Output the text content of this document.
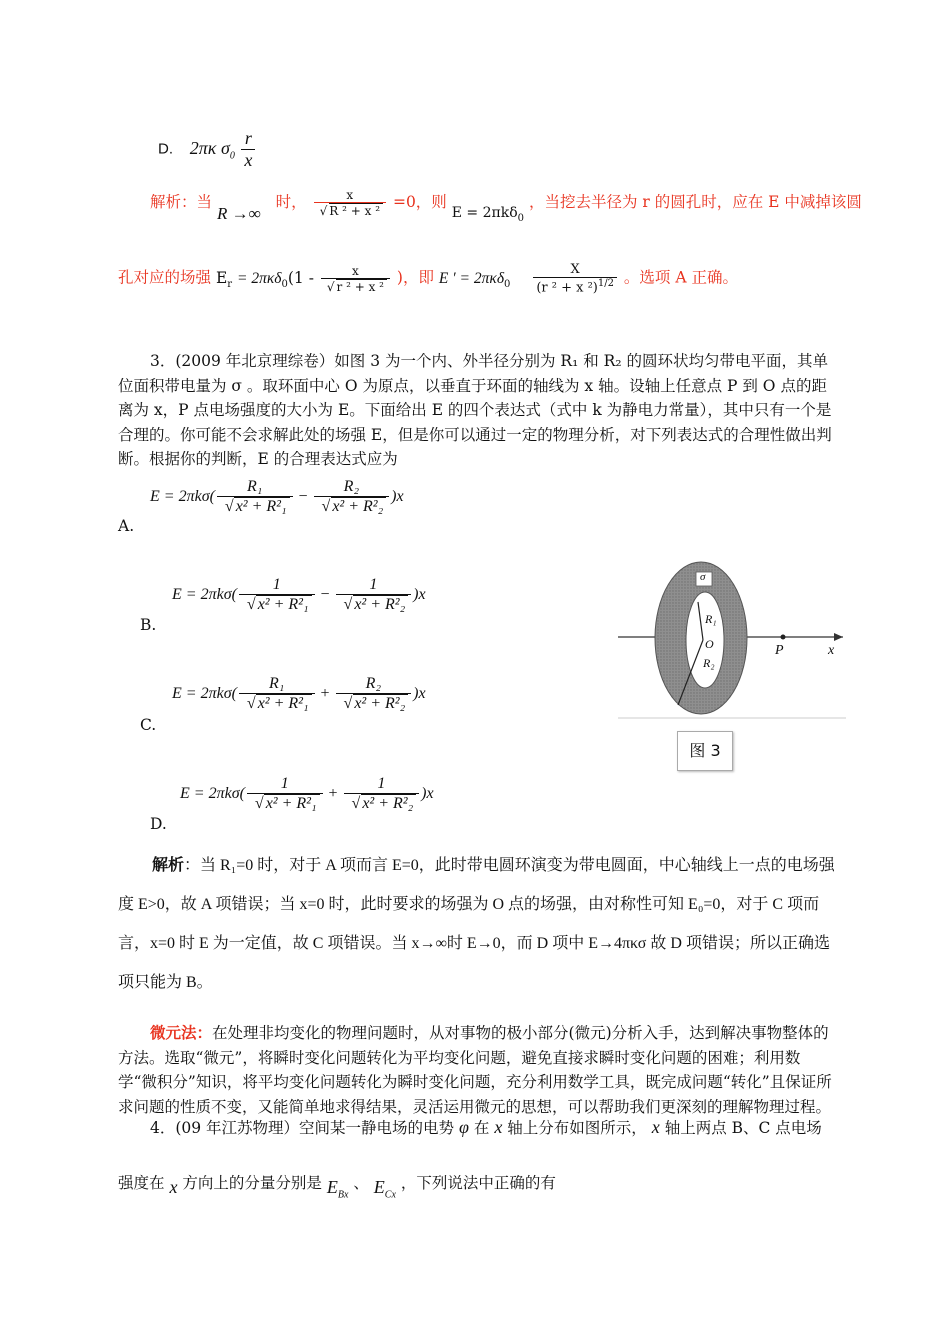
D. 2πκ $\sigma_0 \frac{r}{x}$
解析：当 R →∞ 时， x
√ R ² + x ² =0，则 E = 2πkδ$_0$ ，当挖去半径为 r 的圆孔时，应在 E 中减掉该圆
孔对应的场强 $E_r = 2\pi\kappa\delta_0(1 - x$
√ r ² + x ² )，即 E ′ = $2\pi\kappa\delta_0 \frac{X}{(r ^2 + x ^2)^{1/2}}$ 。选项 A 正确。
3．(2009 年北京理综卷）如图 3 为一个内、外半径分别为 R₁ 和 R₂ 的圆环状均匀带电平面，其单位面积带电量为 σ 。取环面中心 O 为原点，以垂直于环面的轴线为 x 轴。设轴上任意点 P 到 O 点的距离为 x，P 点电场强度的大小为 E。下面给出 E 的四个表达式（式中 k 为静电力常量），其中只有一个是合理的。你可能不会求解此处的场强 E，但是你可以通过一定的物理分析，对下列表达式的合理性做出判断。根据你的判断，E 的合理表达式应为
A.
E = 2πkσ( R₁
√ x² + R²₁ − R₂
√ x² + R²₂ )x
B.
E = 2πkσ( 1
√ x² + R²₁ − 1
√ x² + R²₂ )x
C.
E = 2πkσ( R₁
√ x² + R²₁ + R₂
√ x² + R²₂ )x
D.
E = 2πkσ( 1
√ x² + R²₁ + 1
√ x² + R²₂ )x
σ
R₁
O
R₂
P	x
图 3
解析：当 R₁=0 时，对于 A 项而言 E=0，此时带电圆环演变为带电圆面，中心轴线上一点的电场强度 E>0，故 A 项错误；当 x=0 时，此时要求的场强为 O 点的场强，由对称性可知 E₀=0，对于 C 项而言，x=0 时 E 为一定值，故 C 项错误。当 x→∞时 E→0，而 D 项中 E→4πκσ 故 D 项错误；所以正确选项只能为 B。
微元法：在处理非均变化的物理问题时，从对事物的极小部分(微元)分析入手，达到解决事物整体的方法。选取“微元”，将瞬时变化问题转化为平均变化问题，避免直接求瞬时变化问题的困难；利用数学“微积分”知识，将平均变化问题转化为瞬时变化问题，充分利用数学工具，既完成问题“转化”且保证所求问题的性质不变，又能简单地求得结果，灵活运用微元的思想，可以帮助我们更深刻的理解物理过程。
4．(09 年江苏物理）空间某一静电场的电势 φ 在 x 轴上分布如图所示， x 轴上两点 B、C 点电场
强度在 x 方向上的分量分别是 $E_{Bx}$ 、 $E_{Cx}$ ，下列说法中正确的有
